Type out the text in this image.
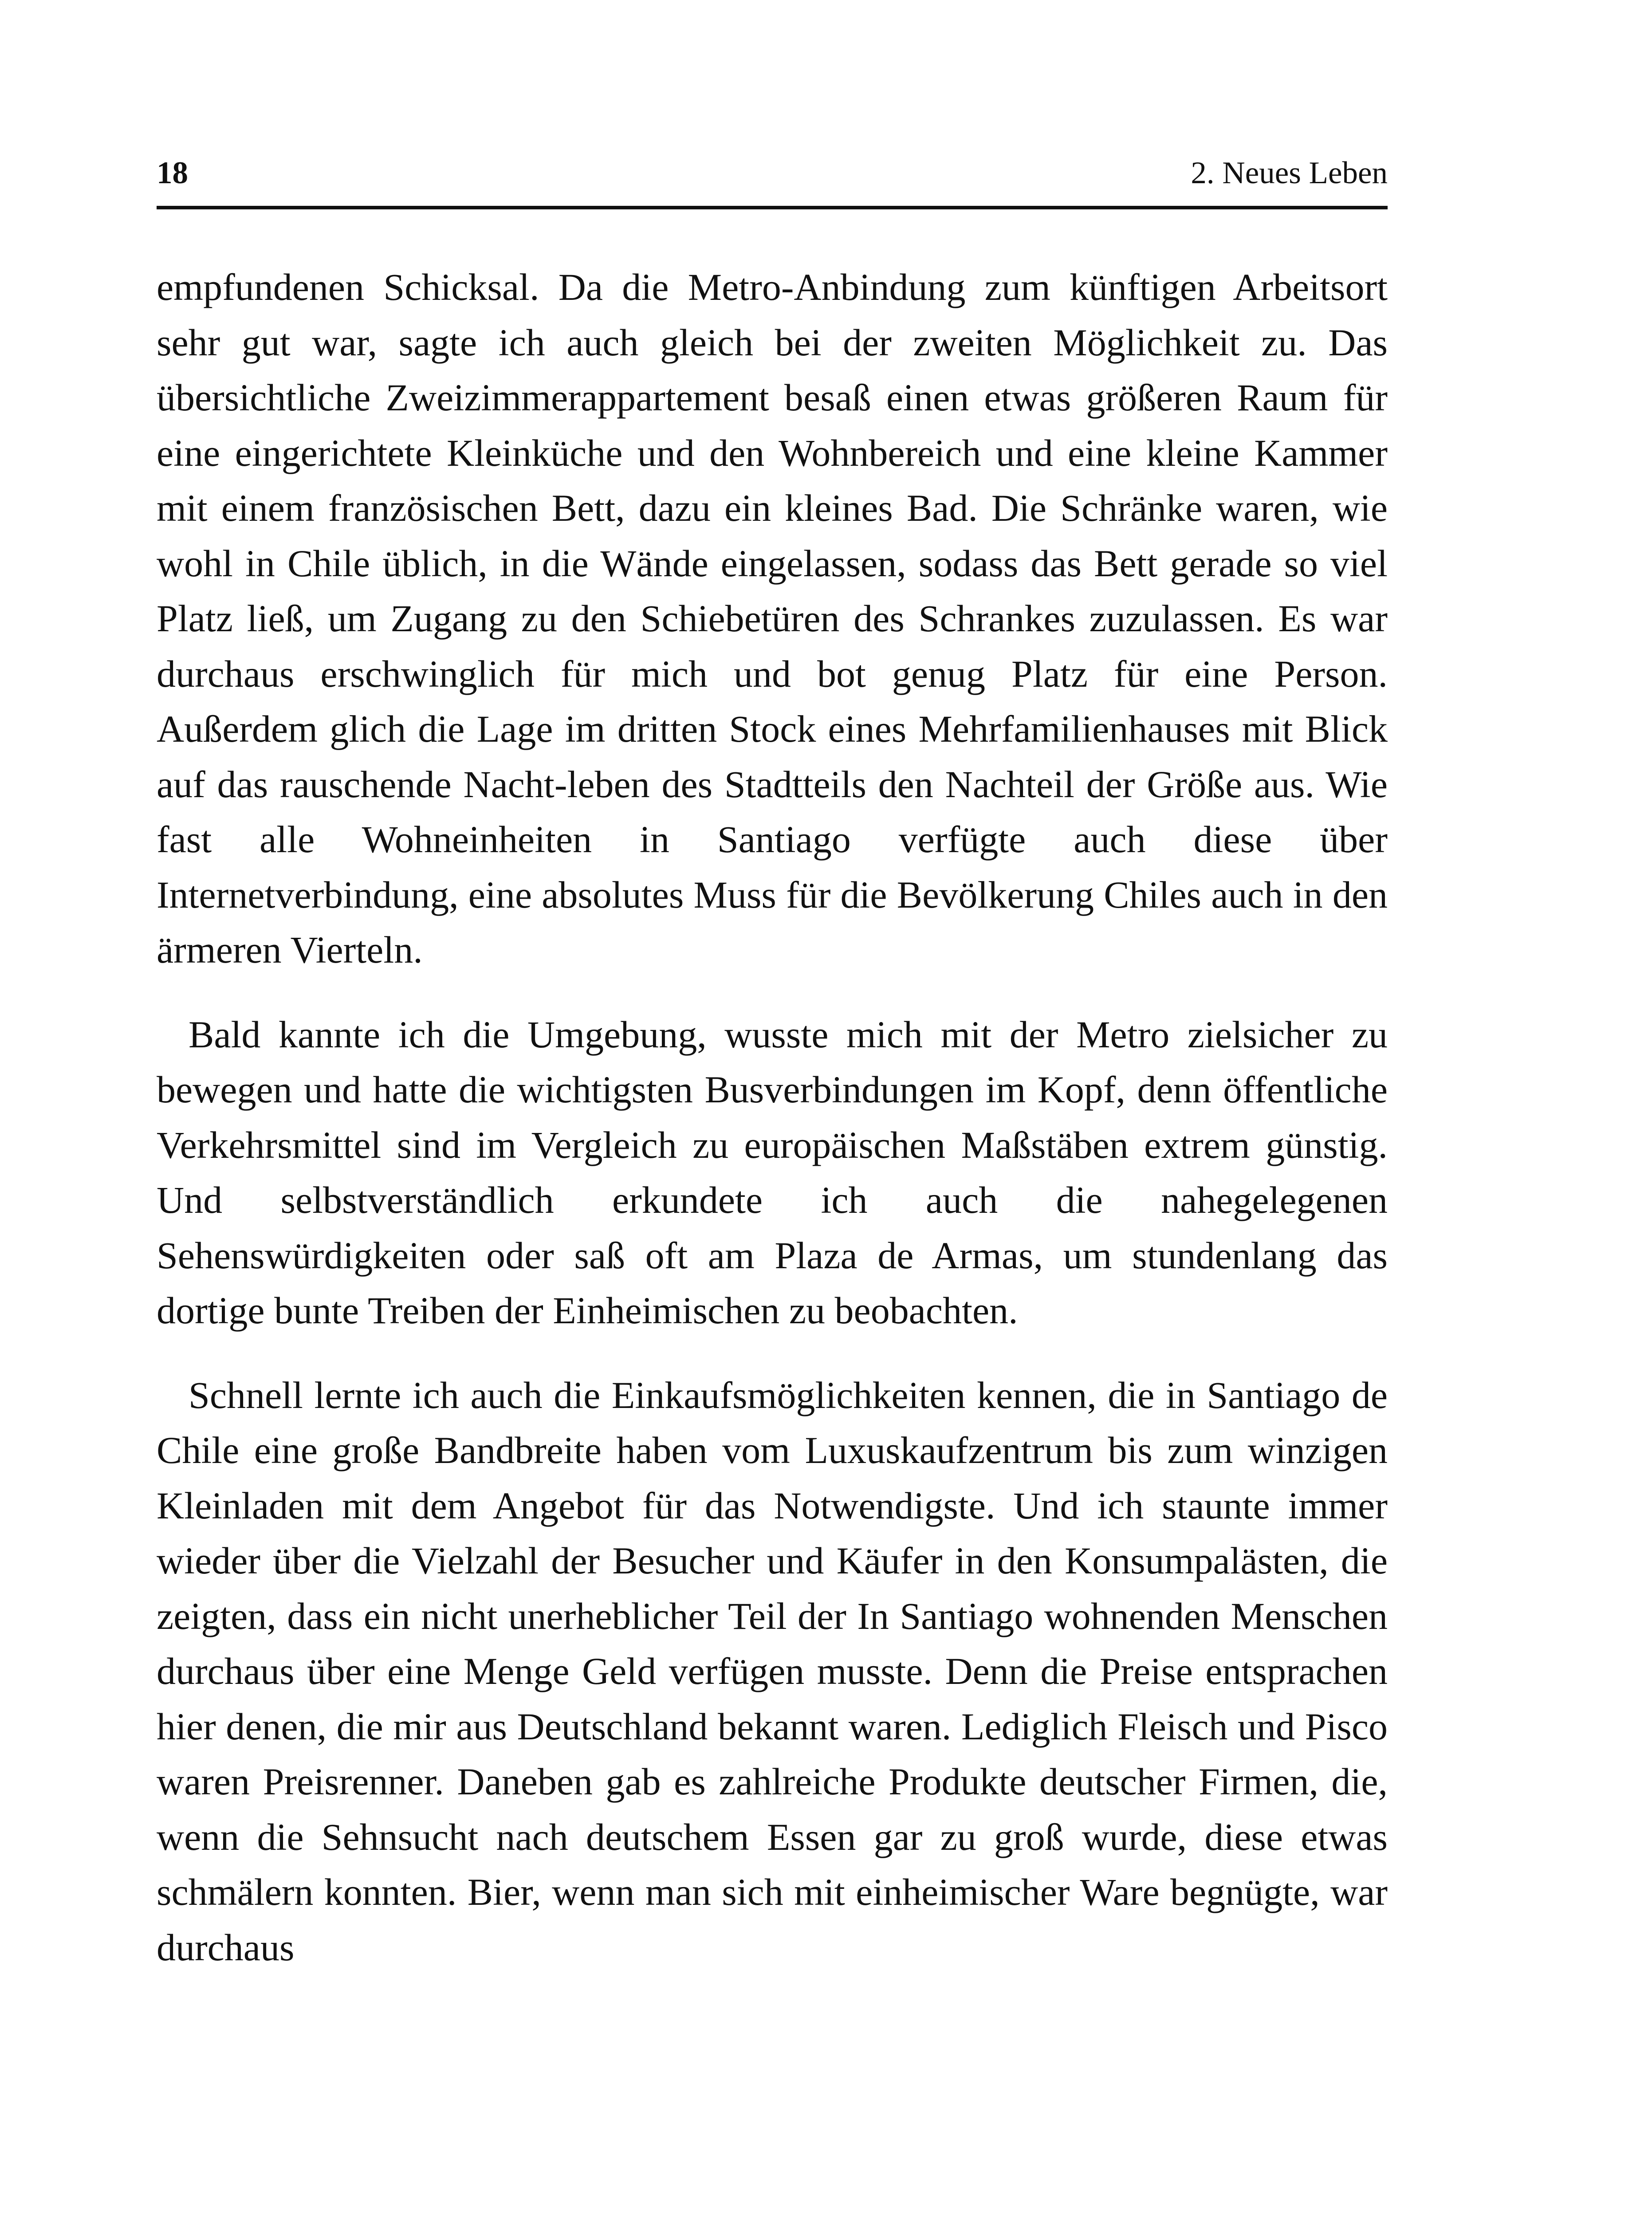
18	2. Neues Leben

empfundenen Schicksal. Da die Metro-Anbindung zum künftigen Arbeitsort sehr gut war, sagte ich auch gleich bei der zweiten Möglichkeit zu. Das übersichtliche Zweizimmerappartement besaß einen etwas größeren Raum für eine eingerichtete Kleinküche und den Wohnbereich und eine kleine Kammer mit einem französischen Bett, dazu ein kleines Bad. Die Schränke waren, wie wohl in Chile üblich, in die Wände eingelassen, sodass das Bett gerade so viel Platz ließ, um Zugang zu den Schiebetüren des Schrankes zuzulassen. Es war durchaus erschwinglich für mich und bot genug Platz für eine Person. Außerdem glich die Lage im dritten Stock eines Mehrfamilienhauses mit Blick auf das rauschende Nacht-leben des Stadtteils den Nachteil der Größe aus. Wie fast alle Wohneinheiten in Santiago verfügte auch diese über Internetverbindung, eine absolutes Muss für die Bevölkerung Chiles auch in den ärmeren Vierteln.

Bald kannte ich die Umgebung, wusste mich mit der Metro zielsicher zu bewegen und hatte die wichtigsten Busverbindungen im Kopf, denn öffentliche Verkehrsmittel sind im Vergleich zu europäischen Maßstäben extrem günstig. Und selbstverständlich erkundete ich auch die nahegelegenen Sehenswürdigkeiten oder saß oft am Plaza de Armas, um stundenlang das dortige bunte Treiben der Einheimischen zu beobachten.

Schnell lernte ich auch die Einkaufsmöglichkeiten kennen, die in Santiago de Chile eine große Bandbreite haben vom Luxuskaufzentrum bis zum winzigen Kleinladen mit dem Angebot für das Notwendigste. Und ich staunte immer wieder über die Vielzahl der Besucher und Käufer in den Konsumpalästen, die zeigten, dass ein nicht unerheblicher Teil der In Santiago wohnenden Menschen durchaus über eine Menge Geld verfügen musste. Denn die Preise entsprachen hier denen, die mir aus Deutschland bekannt waren. Lediglich Fleisch und Pisco waren Preisrenner. Daneben gab es zahlreiche Produkte deutscher Firmen, die, wenn die Sehnsucht nach deutschem Essen gar zu groß wurde, diese etwas schmälern konnten. Bier, wenn man sich mit einheimischer Ware begnügte, war durchaus
